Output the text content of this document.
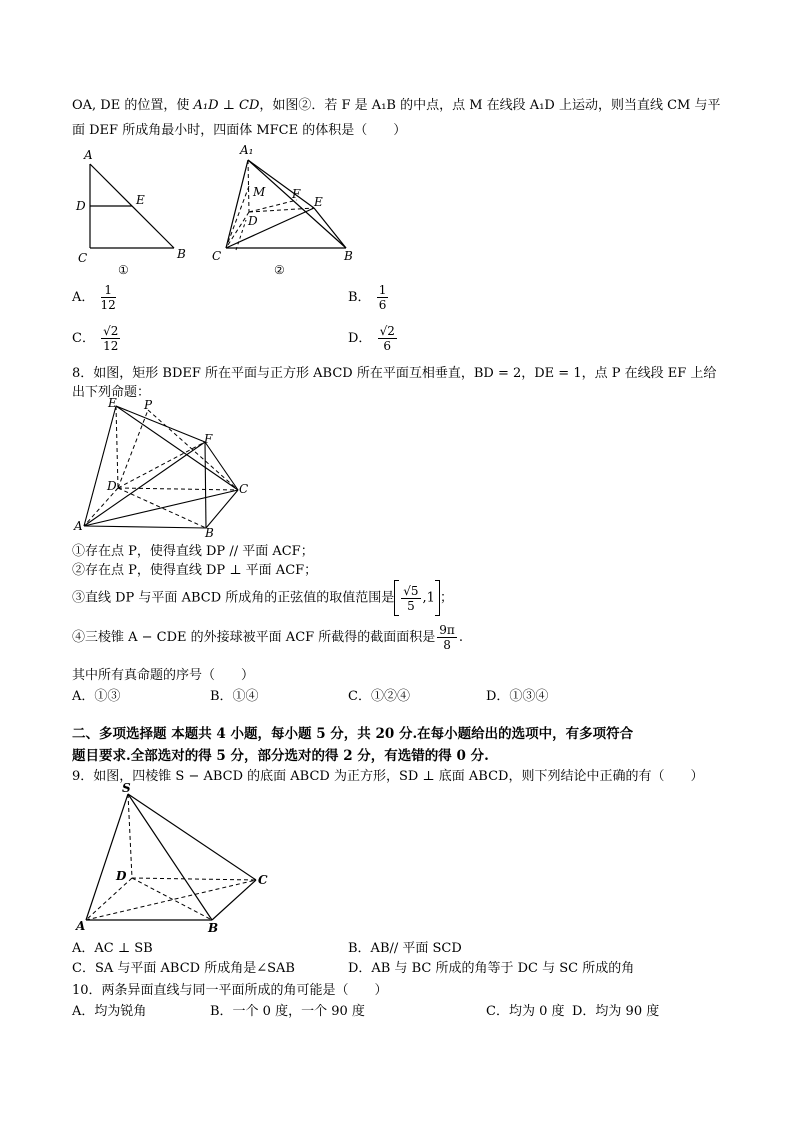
OA, DE 的位置，使 A₁D ⊥ CD，如图②．若 F 是 A₁B 的中点，点 M 在线段 A₁D 上运动，则当直线 CM 与平
面 DEF 所成角最小时，四面体 MFCE 的体积是（　　）
A
D	E
C	B
①
A₁
M F
E
D
C	B
②
A． $\frac{1}{12}$	B． $\frac{1}{6}$
C． $\frac{√2}{12}$	D． $\frac{√2}{6}$
8．如图，矩形 BDEF 所在平面与正方形 ABCD 所在平面互相垂直，BD = 2，DE = 1，点 P 在线段 EF 上给
出下列命题：
E P
F
D	C
A	B
①存在点 P，使得直线 DP // 平面 ACF；
②存在点 P，使得直线 DP ⊥ 平面 ACF；
③直线 DP 与平面 ABCD 所成角的正弦值的取值范围是 $\frac{√5}{5} ,1$ ；
④三棱锥 A − CDE 的外接球被平面 ACF 所截得的截面面积是 $\frac{9\pi}{8}$ .
其中所有真命题的序号（　　）
A．①③	B．①④	C．①②④	D．①③④
二、多项选择题 本题共 4 小题，每小题 5 分，共 20 分.在每小题给出的选项中，有多项符合
题目要求.全部选对的得 5 分，部分选对的得 2 分，有选错的得 0 分.
9．如图，四棱锥 S − ABCD 的底面 ABCD 为正方形，SD ⊥ 底面 ABCD，则下列结论中正确的有（　　）
S
D	C
A	B
A．AC ⊥ SB	B．AB// 平面 SCD
C．SA 与平面 ABCD 所成角是∠SAB	D．AB 与 BC 所成的角等于 DC 与 SC 所成的角
10．两条异面直线与同一平面所成的角可能是（　　）
A．均为锐角	B．一个 0 度，一个 90 度	C．均为 0 度 D．均为 90 度
